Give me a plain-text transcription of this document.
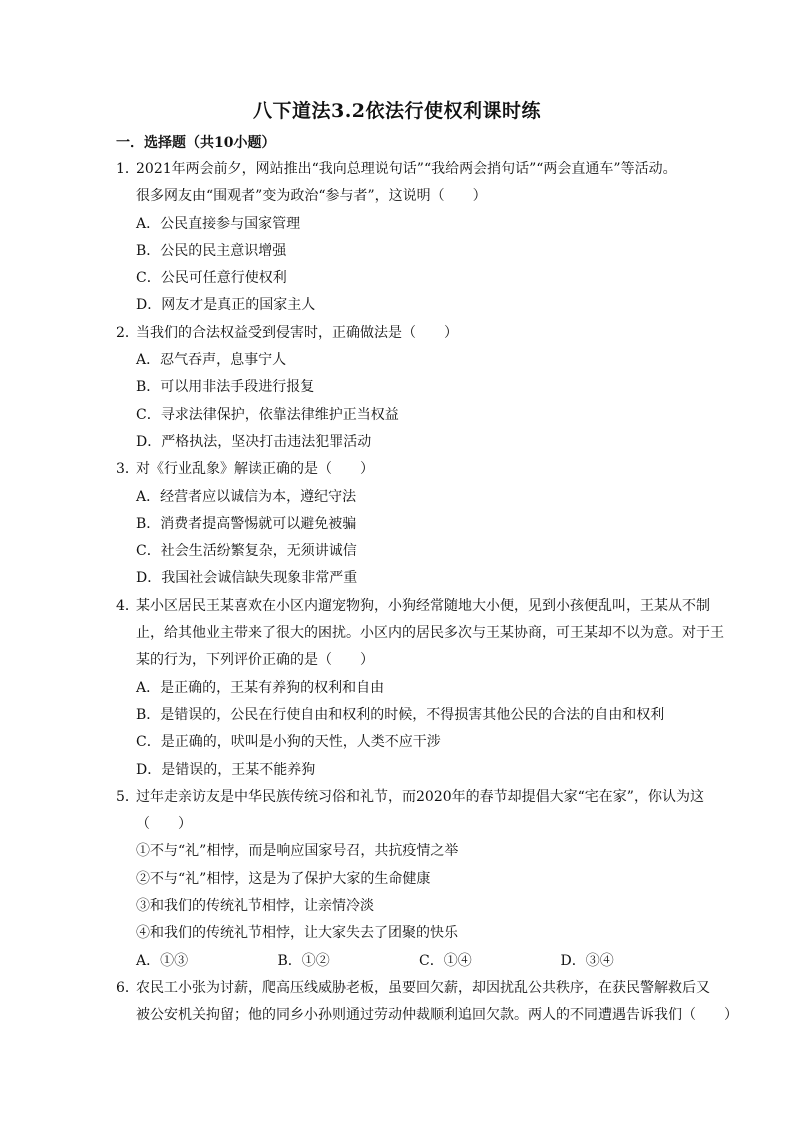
八下道法3.2依法行使权利课时练
一．选择题（共10小题）
1．
2021年两会前夕，网站推出“我向总理说句话”“我给两会捎句话”“两会直通车”等活动。
很多网友由“围观者”变为政治“参与者”，这说明（　　）
A．公民直接参与国家管理
B．公民的民主意识增强
C．公民可任意行使权利
D．网友才是真正的国家主人
2．
当我们的合法权益受到侵害时，正确做法是（　　）
A．忍气吞声，息事宁人
B．可以用非法手段进行报复
C．寻求法律保护，依靠法律维护正当权益
D．严格执法，坚决打击违法犯罪活动
3．
对《行业乱象》解读正确的是（　　）
A．经营者应以诚信为本，遵纪守法
B．消费者提高警惕就可以避免被骗
C．社会生活纷繁复杂，无须讲诚信
D．我国社会诚信缺失现象非常严重
4．
某小区居民王某喜欢在小区内遛宠物狗，小狗经常随地大小便，见到小孩便乱叫，王某从不制
止，给其他业主带来了很大的困扰。小区内的居民多次与王某协商，可王某却不以为意。对于王
某的行为，下列评价正确的是（　　）
A．是正确的，王某有养狗的权利和自由
B．是错误的，公民在行使自由和权利的时候，不得损害其他公民的合法的自由和权利
C．是正确的，吠叫是小狗的天性，人类不应干涉
D．是错误的，王某不能养狗
5．
过年走亲访友是中华民族传统习俗和礼节，而2020年的春节却提倡大家“宅在家”，你认为这
（　　）
①不与“礼”相悖，而是响应国家号召，共抗疫情之举
②不与“礼”相悖，这是为了保护大家的生命健康
③和我们的传统礼节相悖，让亲情冷淡
④和我们的传统礼节相悖，让大家失去了团聚的快乐
A．①③	B．①②	C．①④	D．③④
6．
农民工小张为讨薪，爬高压线威胁老板，虽要回欠薪，却因扰乱公共秩序，在获民警解救后又
被公安机关拘留；他的同乡小孙则通过劳动仲裁顺利追回欠款。两人的不同遭遇告诉我们（　　）
